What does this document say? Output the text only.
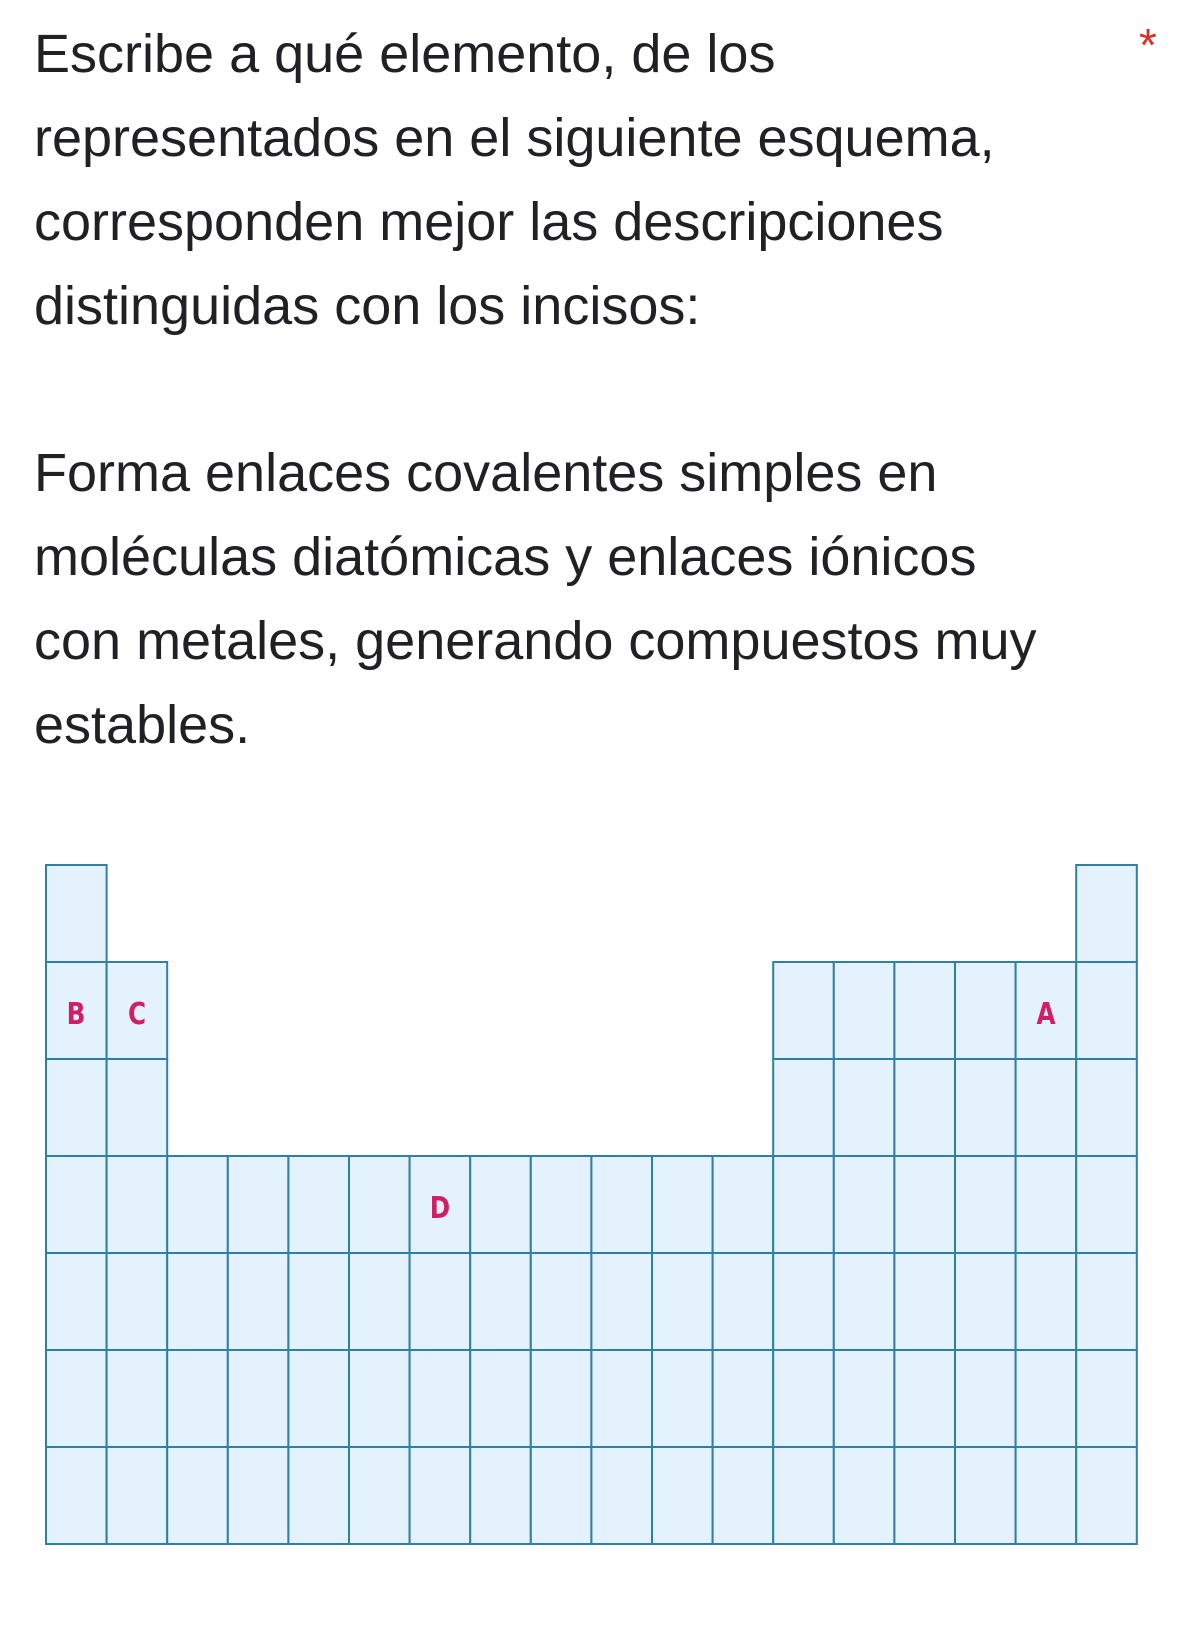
Escribe a qué elemento, de los

representados en el siguiente esquema,

corresponden mejor las descripciones

distinguidas con los incisos:

Forma enlaces covalentes simples en

moléculas diatómicas y enlaces iónicos

con metales, generando compuestos muy

estables.

*
B C	A
D
